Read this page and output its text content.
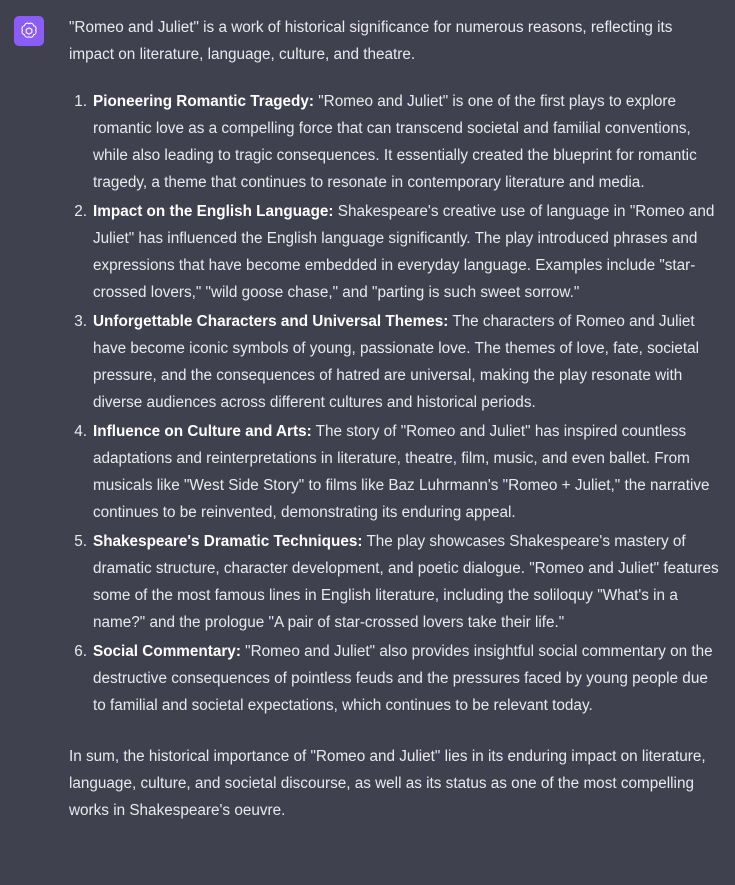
"Romeo and Juliet" is a work of historical significance for numerous reasons, reflecting its impact on literature, language, culture, and theatre.

Pioneering Romantic Tragedy: "Romeo and Juliet" is one of the first plays to explore romantic love as a compelling force that can transcend societal and familial conventions, while also leading to tragic consequences. It essentially created the blueprint for romantic tragedy, a theme that continues to resonate in contemporary literature and media.
Impact on the English Language: Shakespeare's creative use of language in "Romeo and Juliet" has influenced the English language significantly. The play introduced phrases and expressions that have become embedded in everyday language. Examples include "star-crossed lovers," "wild goose chase," and "parting is such sweet sorrow."
Unforgettable Characters and Universal Themes: The characters of Romeo and Juliet have become iconic symbols of young, passionate love. The themes of love, fate, societal pressure, and the consequences of hatred are universal, making the play resonate with diverse audiences across different cultures and historical periods.
Influence on Culture and Arts: The story of "Romeo and Juliet" has inspired countless adaptations and reinterpretations in literature, theatre, film, music, and even ballet. From musicals like "West Side Story" to films like Baz Luhrmann's "Romeo + Juliet," the narrative continues to be reinvented, demonstrating its enduring appeal.
Shakespeare's Dramatic Techniques: The play showcases Shakespeare's mastery of dramatic structure, character development, and poetic dialogue. "Romeo and Juliet" features some of the most famous lines in English literature, including the soliloquy "What's in a name?" and the prologue "A pair of star-crossed lovers take their life."
Social Commentary: "Romeo and Juliet" also provides insightful social commentary on the destructive consequences of pointless feuds and the pressures faced by young people due to familial and societal expectations, which continues to be relevant today.

In sum, the historical importance of "Romeo and Juliet" lies in its enduring impact on literature, language, culture, and societal discourse, as well as its status as one of the most compelling works in Shakespeare's oeuvre.
